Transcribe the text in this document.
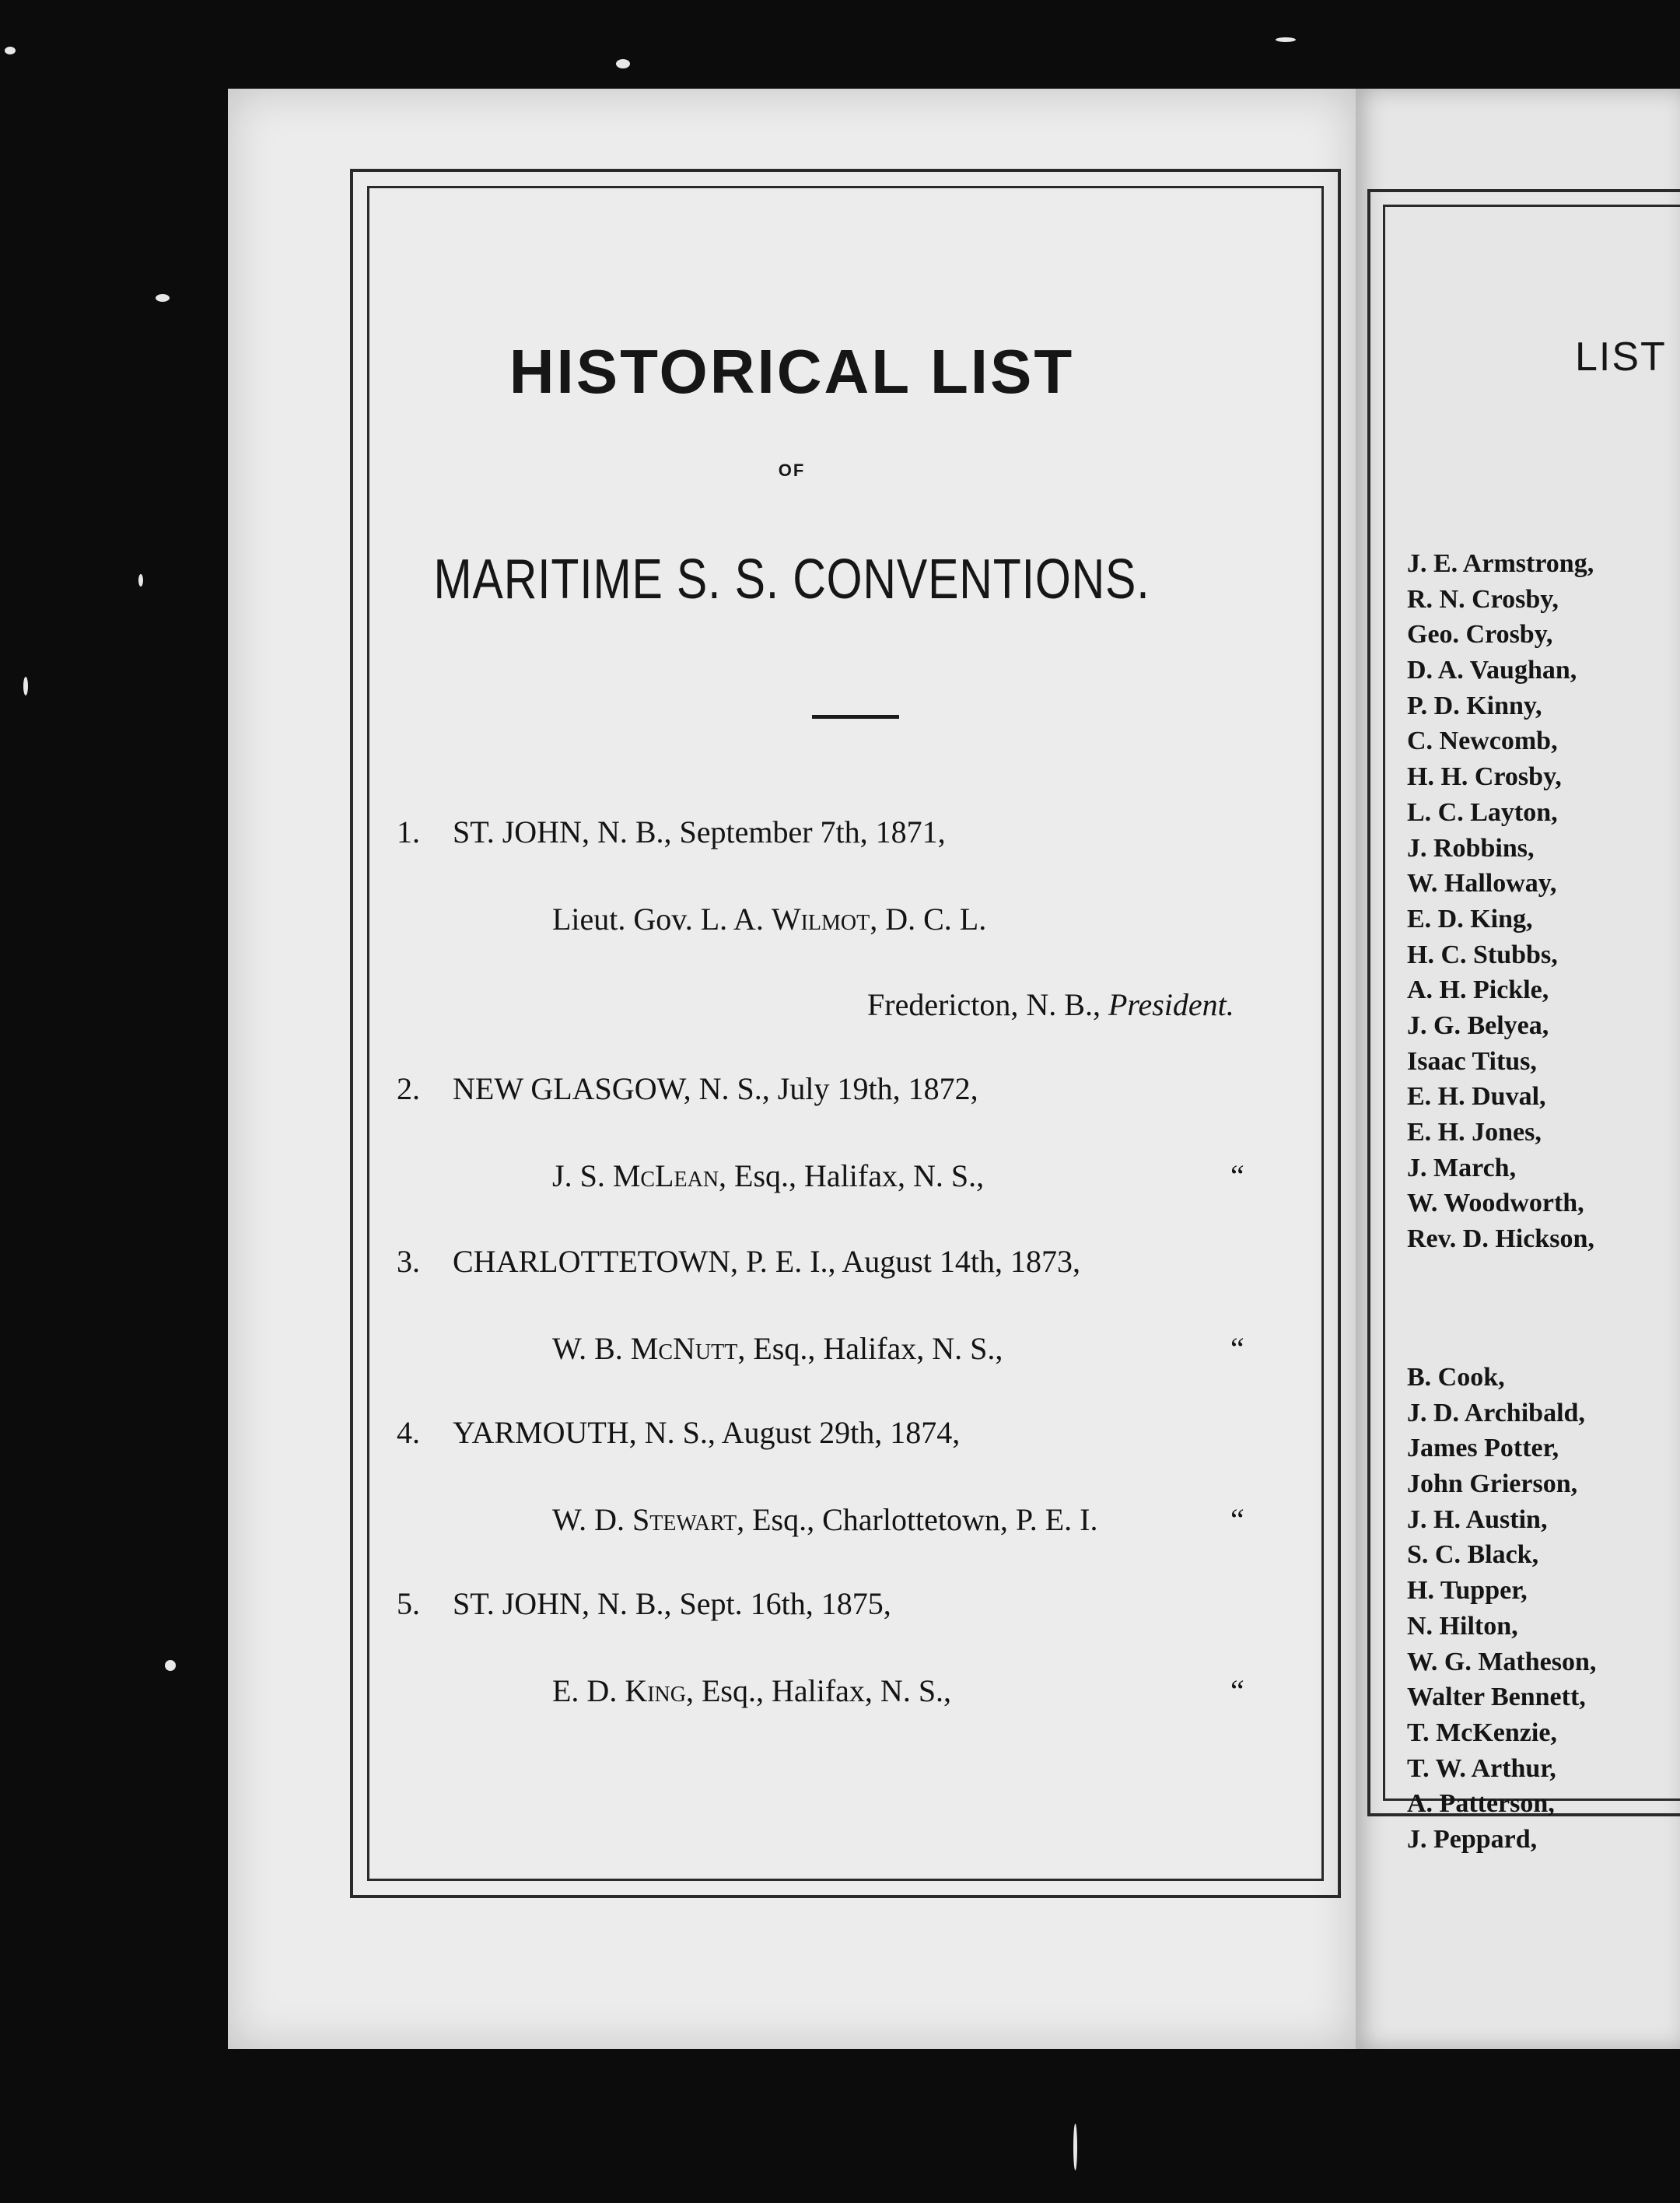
HISTORICAL LIST
OF
MARITIME S. S. CONVENTIONS.
1. ST. JOHN, N. B., September 7th, 1871,
Lieut. Gov. L. A. Wilmot, D. C. L.
Fredericton, N. B., President.
2. NEW GLASGOW, N. S., July 19th, 1872,
J. S. McLean, Esq., Halifax, N. S.,	“
3. CHARLOTTETOWN, P. E. I., August 14th, 1873,
W. B. McNutt, Esq., Halifax, N. S.,	“
4. YARMOUTH, N. S., August 29th, 1874,
W. D. Stewart, Esq., Charlottetown, P. E. I.	“
5. ST. JOHN, N. B., Sept. 16th, 1875,
E. D. King, Esq., Halifax, N. S.,	“
LIST
J. E. Armstrong,
R. N. Crosby,
Geo. Crosby,
D. A. Vaughan,
P. D. Kinny,
C. Newcomb,
H. H. Crosby,
L. C. Layton,
J. Robbins,
W. Halloway,
E. D. King,
H. C. Stubbs,
A. H. Pickle,
J. G. Belyea,
Isaac Titus,
E. H. Duval,
E. H. Jones,
J. March,
W. Woodworth,
Rev. D. Hickson,
B. Cook,
J. D. Archibald,
James Potter,
John Grierson,
J. H. Austin,
S. C. Black,
H. Tupper,
N. Hilton,
W. G. Matheson,
Walter Bennett,
T. McKenzie,
T. W. Arthur,
A. Patterson,
J. Peppard,
